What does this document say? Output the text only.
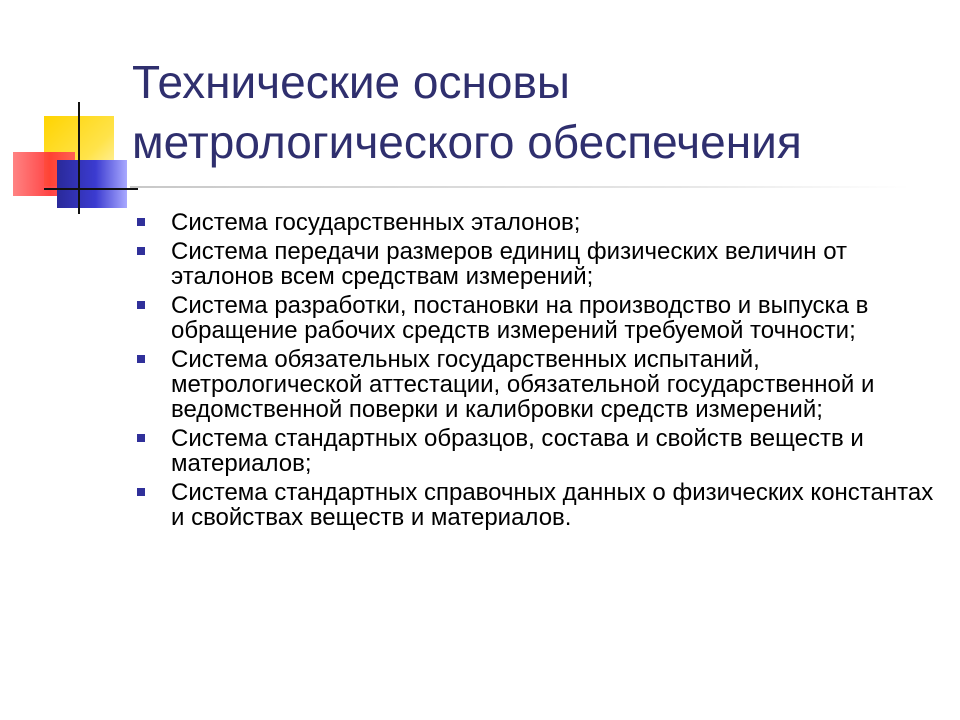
Технические основы
метрологического обеспечения
Система государственных эталонов;
Система передачи размеров единиц физических величин от эталонов всем средствам измерений;
Система разработки, постановки на производство и выпуска в обращение рабочих средств измерений требуемой точности;
Система обязательных государственных испытаний, метрологической аттестации, обязательной государственной и ведомственной поверки и калибровки средств измерений;
Система стандартных образцов, состава и свойств веществ и материалов;
Система стандартных справочных данных о физических константах и свойствах веществ и материалов.
